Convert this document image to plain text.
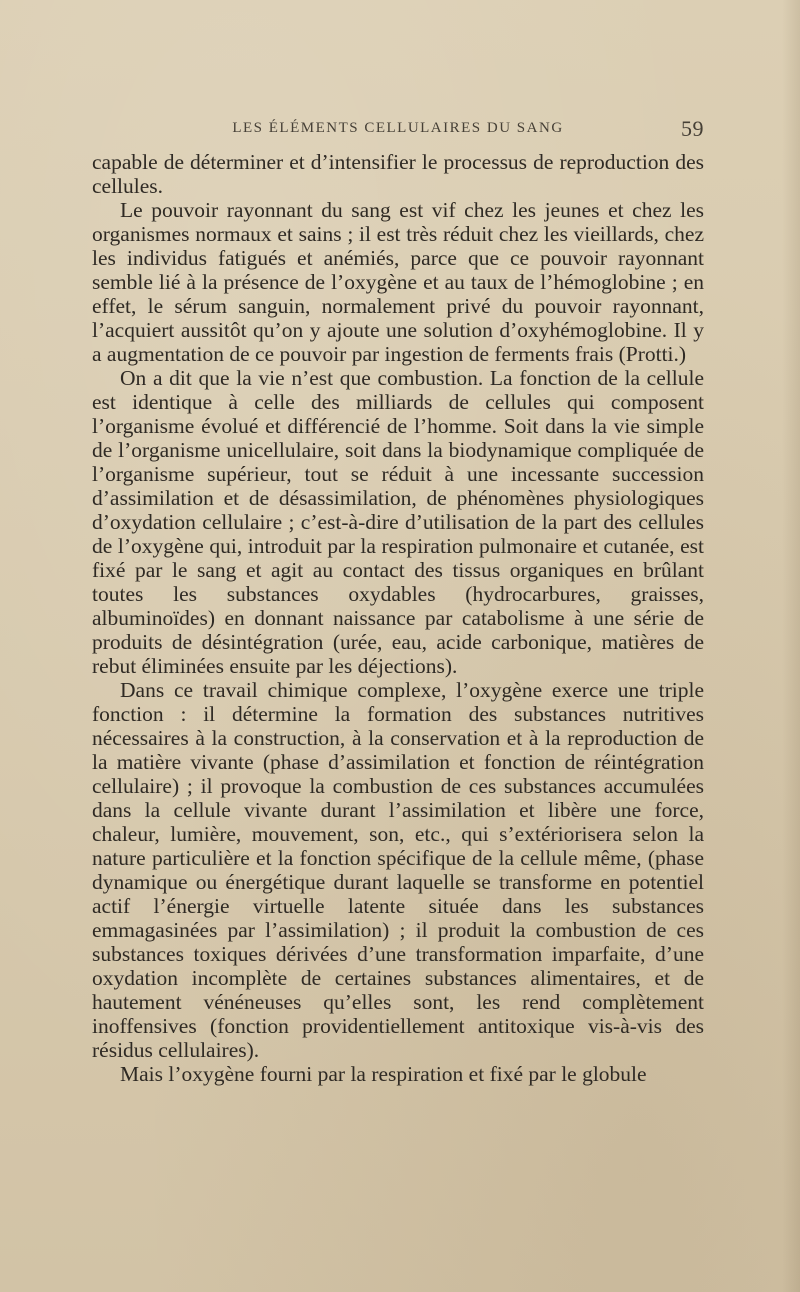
LES ÉLÉMENTS CELLULAIRES DU SANG	59

capable de déterminer et d’intensifier le processus de reproduction des cellules.

Le pouvoir rayonnant du sang est vif chez les jeunes et chez les organismes normaux et sains ; il est très réduit chez les vieillards, chez les individus fatigués et anémiés, parce que ce pouvoir rayonnant semble lié à la présence de l’oxygène et au taux de l’hémoglobine ; en effet, le sérum sanguin, normalement privé du pouvoir rayonnant, l’acquiert aussitôt qu’on y ajoute une solution d’oxyhémoglobine. Il y a augmentation de ce pouvoir par ingestion de ferments frais (Protti.)

On a dit que la vie n’est que combustion. La fonction de la cellule est identique à celle des milliards de cellules qui composent l’organisme évolué et différencié de l’homme. Soit dans la vie simple de l’organisme unicellulaire, soit dans la biodynamique compliquée de l’organisme supérieur, tout se réduit à une incessante succession d’assimilation et de désassimilation, de phénomènes physiologiques d’oxydation cellulaire ; c’est-à-dire d’utilisation de la part des cellules de l’oxygène qui, introduit par la respiration pulmonaire et cutanée, est fixé par le sang et agit au contact des tissus organiques en brûlant toutes les substances oxydables (hydrocarbures, graisses, albuminoïdes) en donnant naissance par catabolisme à une série de produits de désintégration (urée, eau, acide carbonique, matières de rebut éliminées ensuite par les déjections).

Dans ce travail chimique complexe, l’oxygène exerce une triple fonction : il détermine la formation des substances nutritives nécessaires à la construction, à la conservation et à la reproduction de la matière vivante (phase d’assimilation et fonction de réintégration cellulaire) ; il provoque la combustion de ces substances accumulées dans la cellule vivante durant l’assimilation et libère une force, chaleur, lumière, mouvement, son, etc., qui s’extériorisera selon la nature particulière et la fonction spécifique de la cellule même, (phase dynamique ou énergétique durant laquelle se transforme en potentiel actif l’énergie virtuelle latente située dans les substances emmagasinées par l’assimilation) ; il produit la combustion de ces substances toxiques dérivées d’une transformation imparfaite, d’une oxydation incomplète de certaines substances alimentaires, et de hautement vénéneuses qu’elles sont, les rend complètement inoffensives (fonction providentiellement antitoxique vis-à-vis des résidus cellulaires).

Mais l’oxygène fourni par la respiration et fixé par le globule
